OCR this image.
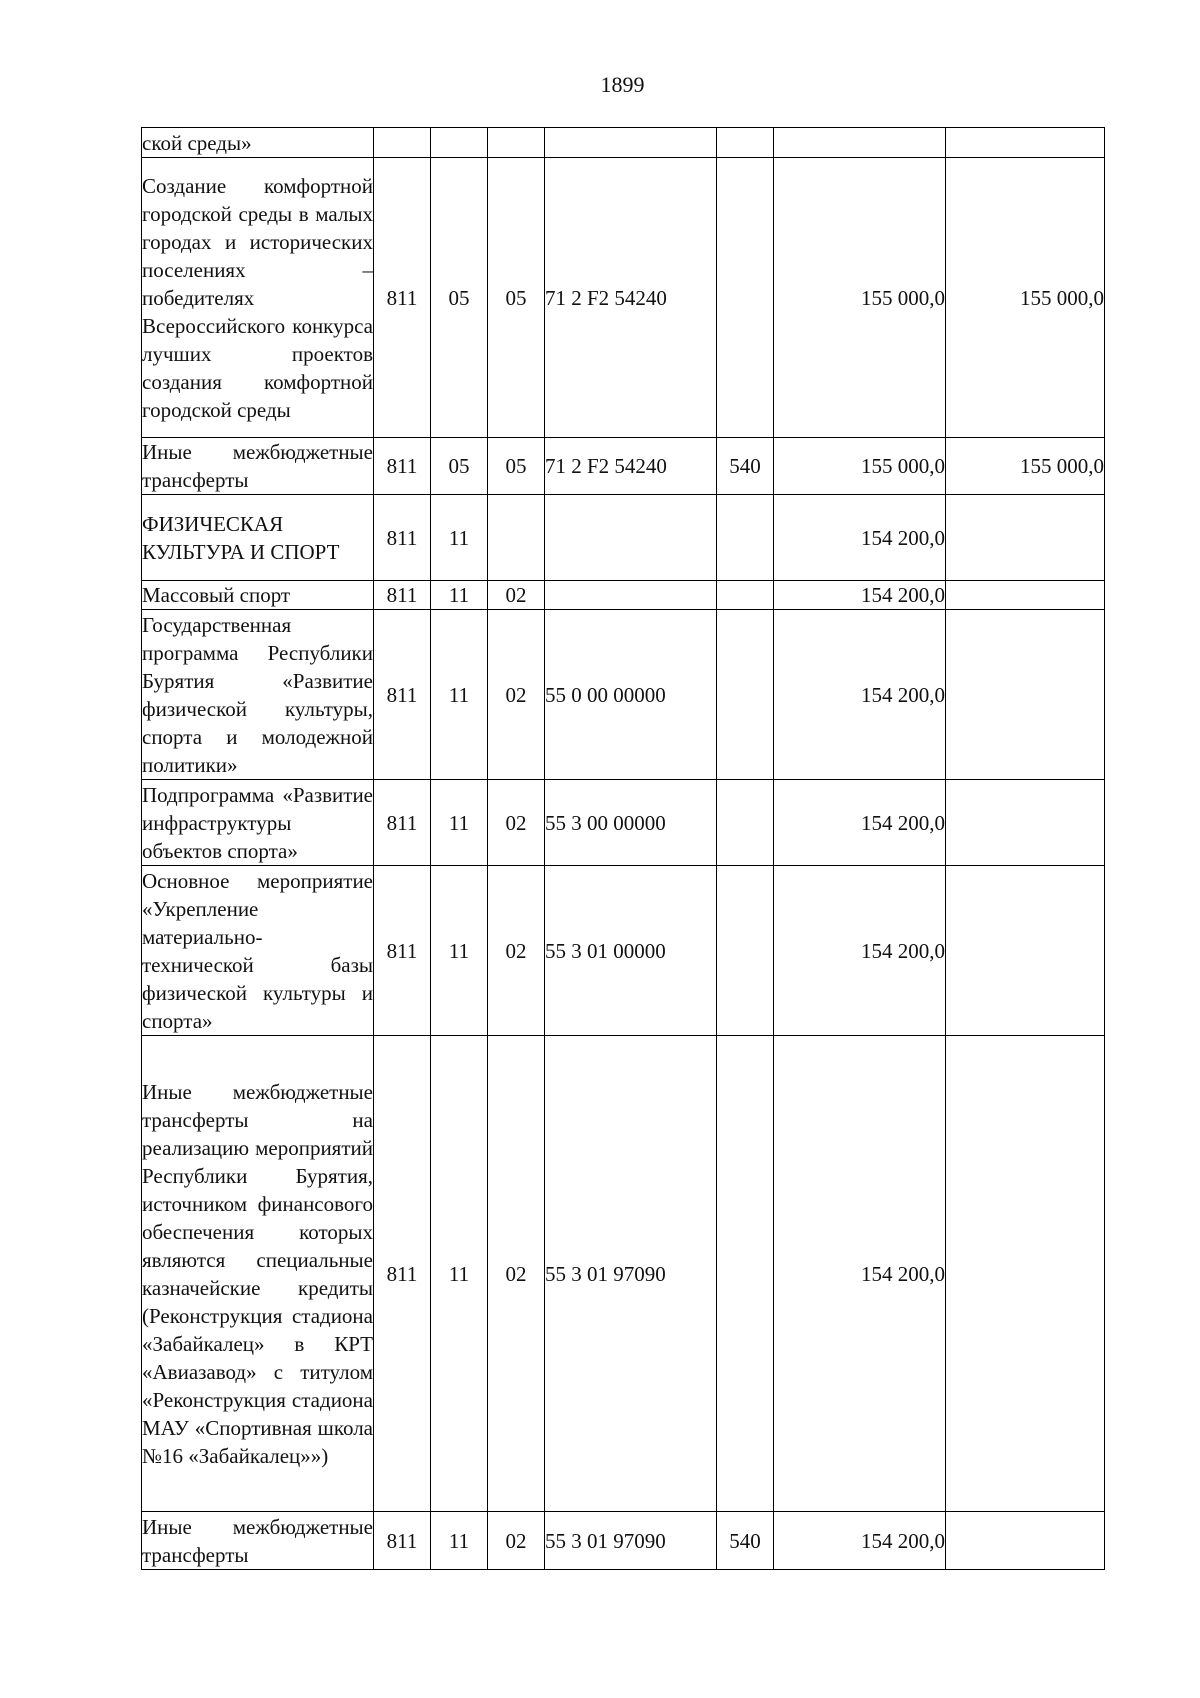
1899
ской среды»							
Создание комфортной городской среды в малых городах и исторических поселениях – победителях Всероссийского конкурса лучших проектов создания комфортной городской среды	811	05	05	71 2 F2 54240		155 000,0	155 000,0
Иные межбюджетные трансферты	811	05	05	71 2 F2 54240	540	155 000,0	155 000,0
ФИЗИЧЕСКАЯ КУЛЬТУРА И СПОРТ	811	11				154 200,0	
Массовый спорт	811	11	02			154 200,0	
Государственная программа Республики Бурятия «Развитие физической культуры, спорта и молодежной политики»	811	11	02	55 0 00 00000		154 200,0	
Подпрограмма «Развитие инфраструктуры объектов спорта»	811	11	02	55 3 00 00000		154 200,0	
Основное мероприятие «Укрепление материально-технической базы физической культуры и спорта»	811	11	02	55 3 01 00000		154 200,0	
Иные межбюджетные трансферты на реализацию мероприятий Республики Бурятия, источником финансового обеспечения которых являются специальные казначейские кредиты (Реконструкция стадиона «Забайкалец» в КРТ «Авиазавод» с титулом «Реконструкция стадиона МАУ «Спортивная школа №16 «Забайкалец»»)	811	11	02	55 3 01 97090		154 200,0	
Иные межбюджетные трансферты	811	11	02	55 3 01 97090	540	154 200,0	
